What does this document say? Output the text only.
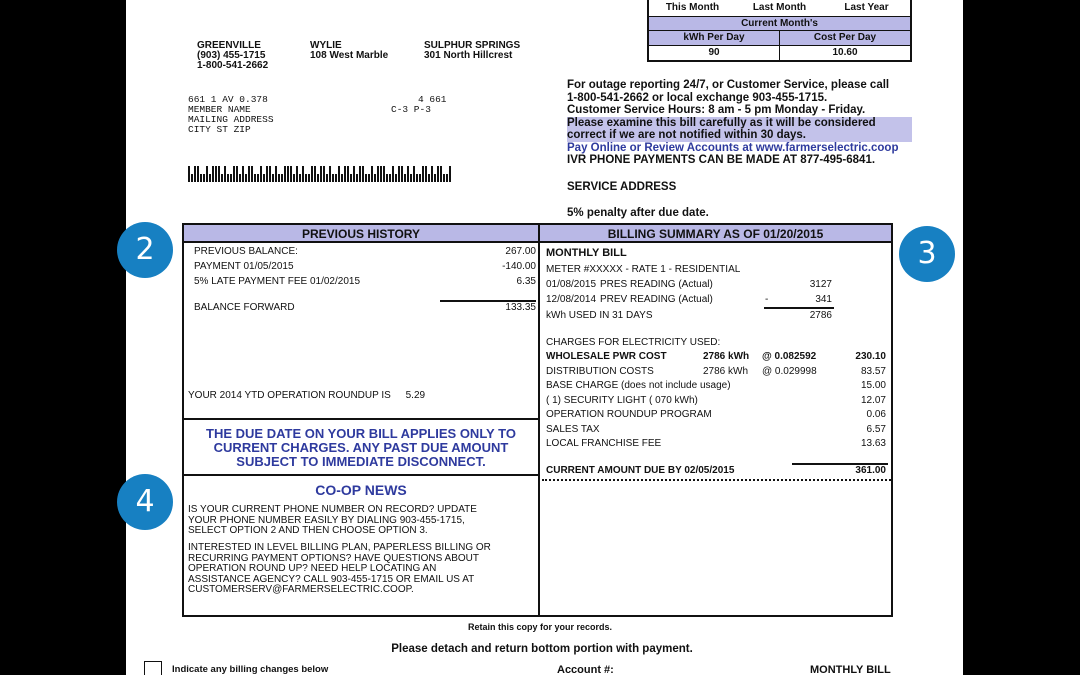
This Month	Last Month	Last Year
Current Month's
kWh Per Day	Cost Per Day
90	10.60
GREENVILLE
(903) 455-1715
1-800-541-2662
WYLIE
108 West Marble
SULPHUR SPRINGS
301 North Hillcrest
661 1 AV 0.378	4 661
MEMBER NAME	C-3 P-3
MAILING ADDRESS
CITY ST ZIP
For outage reporting 24/7, or Customer Service, please call
1-800-541-2662 or local exchange 903-455-1715.
Customer Service Hours: 8 am - 5 pm Monday - Friday.
Please examine this bill carefully as it will be considered
correct if we are not notified within 30 days.
Pay Online or Review Accounts at www.farmerselectric.coop
IVR PHONE PAYMENTS CAN BE MADE AT 877-495-6841.
SERVICE ADDRESS
5% penalty after due date.
PREVIOUS HISTORY	BILLING SUMMARY AS OF 01/20/2015
PREVIOUS BALANCE:	267.00
PAYMENT 01/05/2015	-140.00
5% LATE PAYMENT FEE 01/02/2015	6.35
BALANCE FORWARD	133.35
YOUR 2014 YTD OPERATION ROUNDUP IS 5.29
THE DUE DATE ON YOUR BILL APPLIES ONLY TO
CURRENT CHARGES. ANY PAST DUE AMOUNT
SUBJECT TO IMMEDIATE DISCONNECT.
CO-OP NEWS
IS YOUR CURRENT PHONE NUMBER ON RECORD? UPDATE
YOUR PHONE NUMBER EASILY BY DIALING 903-455-1715,
SELECT OPTION 2 AND THEN CHOOSE OPTION 3.
INTERESTED IN LEVEL BILLING PLAN, PAPERLESS BILLING OR
RECURRING PAYMENT OPTIONS? HAVE QUESTIONS ABOUT
OPERATION ROUND UP? NEED HELP LOCATING AN
ASSISTANCE AGENCY? CALL 903-455-1715 OR EMAIL US AT
CUSTOMERSERV@FARMERSELECTRIC.COOP.
MONTHLY BILL
METER #XXXXX - RATE 1 - RESIDENTIAL
01/08/2015 PRES READING (Actual)	3127
12/08/2014 PREV READING (Actual)	-	341
kWh USED IN 31 DAYS	2786
CHARGES FOR ELECTRICITY USED:
WHOLESALE PWR COST	2786 kWh @ 0.082592	230.10
DISTRIBUTION COSTS	2786 kWh @ 0.029998	83.57
BASE CHARGE (does not include usage)	15.00
( 1) SECURITY LIGHT ( 070 kWh)	12.07
OPERATION ROUNDUP PROGRAM	0.06
SALES TAX	6.57
LOCAL FRANCHISE FEE	13.63
CURRENT AMOUNT DUE BY 02/05/2015	361.00
Retain this copy for your records.
Please detach and return bottom portion with payment.
Indicate any billing changes below	Account #:	MONTHLY BILL
2	3
4
